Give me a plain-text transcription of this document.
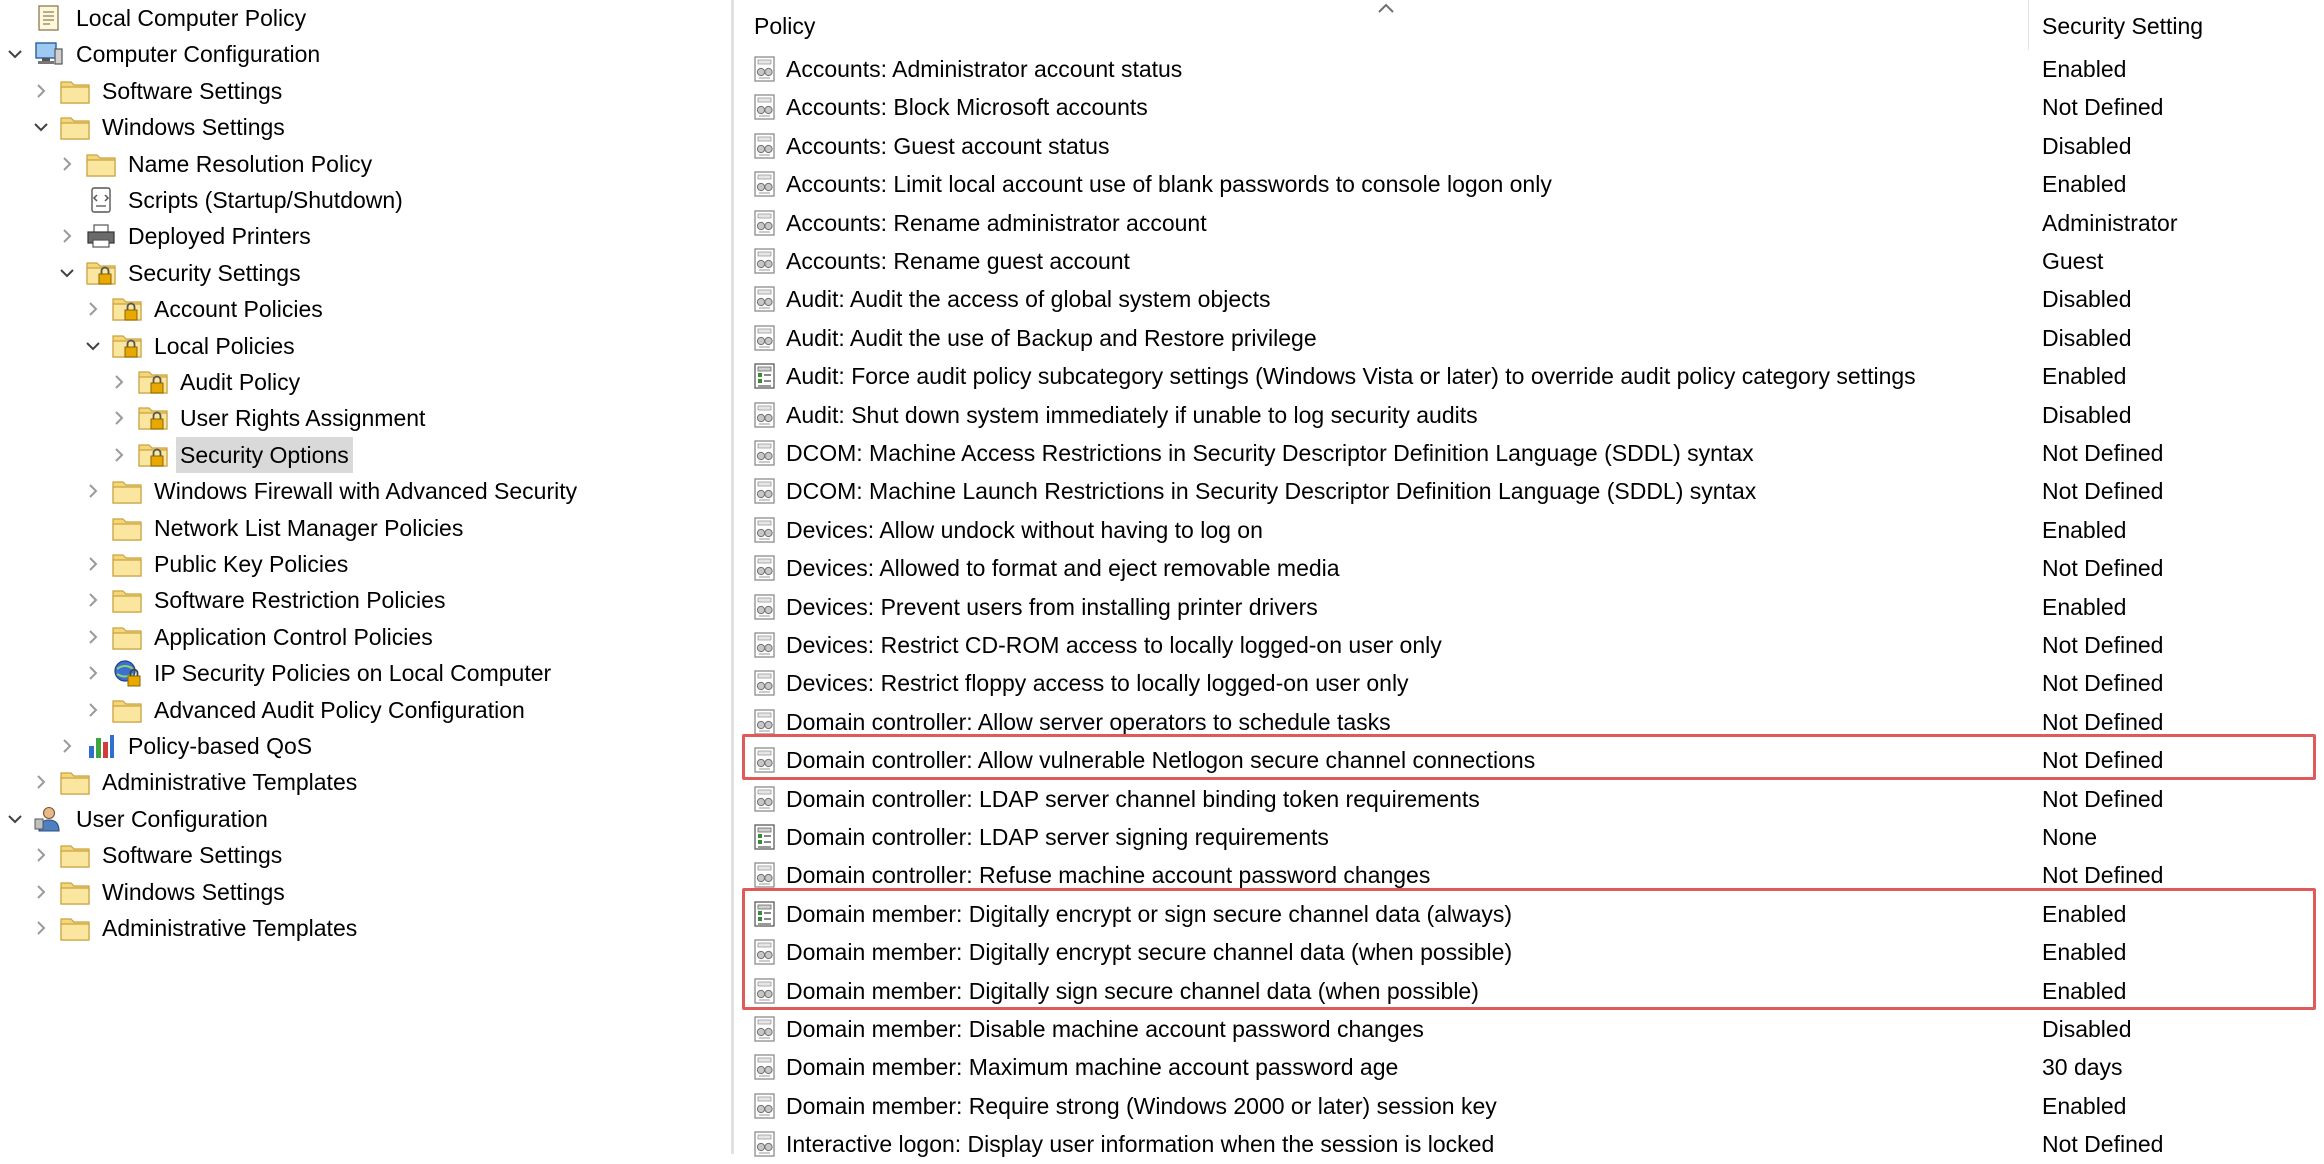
Local Computer Policy
Computer Configuration
Software Settings
Windows Settings
Name Resolution Policy
Scripts (Startup/Shutdown)
Deployed Printers
Security Settings
Account Policies
Local Policies
Audit Policy
User Rights Assignment
Security Options
Windows Firewall with Advanced Security
Network List Manager Policies
Public Key Policies
Software Restriction Policies
Application Control Policies
IP Security Policies on Local Computer
Advanced Audit Policy Configuration
Policy-based QoS
Administrative Templates
User Configuration
Software Settings
Windows Settings
Administrative Templates
Policy	Security Setting
Accounts: Administrator account status	Enabled
Accounts: Block Microsoft accounts	Not Defined
Accounts: Guest account status	Disabled
Accounts: Limit local account use of blank passwords to console logon only	Enabled
Accounts: Rename administrator account	Administrator
Accounts: Rename guest account	Guest
Audit: Audit the access of global system objects	Disabled
Audit: Audit the use of Backup and Restore privilege	Disabled
Audit: Force audit policy subcategory settings (Windows Vista or later) to override audit policy category settings	Enabled
Audit: Shut down system immediately if unable to log security audits	Disabled
DCOM: Machine Access Restrictions in Security Descriptor Definition Language (SDDL) syntax	Not Defined
DCOM: Machine Launch Restrictions in Security Descriptor Definition Language (SDDL) syntax	Not Defined
Devices: Allow undock without having to log on	Enabled
Devices: Allowed to format and eject removable media	Not Defined
Devices: Prevent users from installing printer drivers	Enabled
Devices: Restrict CD-ROM access to locally logged-on user only	Not Defined
Devices: Restrict floppy access to locally logged-on user only	Not Defined
Domain controller: Allow server operators to schedule tasks	Not Defined
Domain controller: Allow vulnerable Netlogon secure channel connections	Not Defined
Domain controller: LDAP server channel binding token requirements	Not Defined
Domain controller: LDAP server signing requirements	None
Domain controller: Refuse machine account password changes	Not Defined
Domain member: Digitally encrypt or sign secure channel data (always)	Enabled
Domain member: Digitally encrypt secure channel data (when possible)	Enabled
Domain member: Digitally sign secure channel data (when possible)	Enabled
Domain member: Disable machine account password changes	Disabled
Domain member: Maximum machine account password age	30 days
Domain member: Require strong (Windows 2000 or later) session key	Enabled
Interactive logon: Display user information when the session is locked	Not Defined
